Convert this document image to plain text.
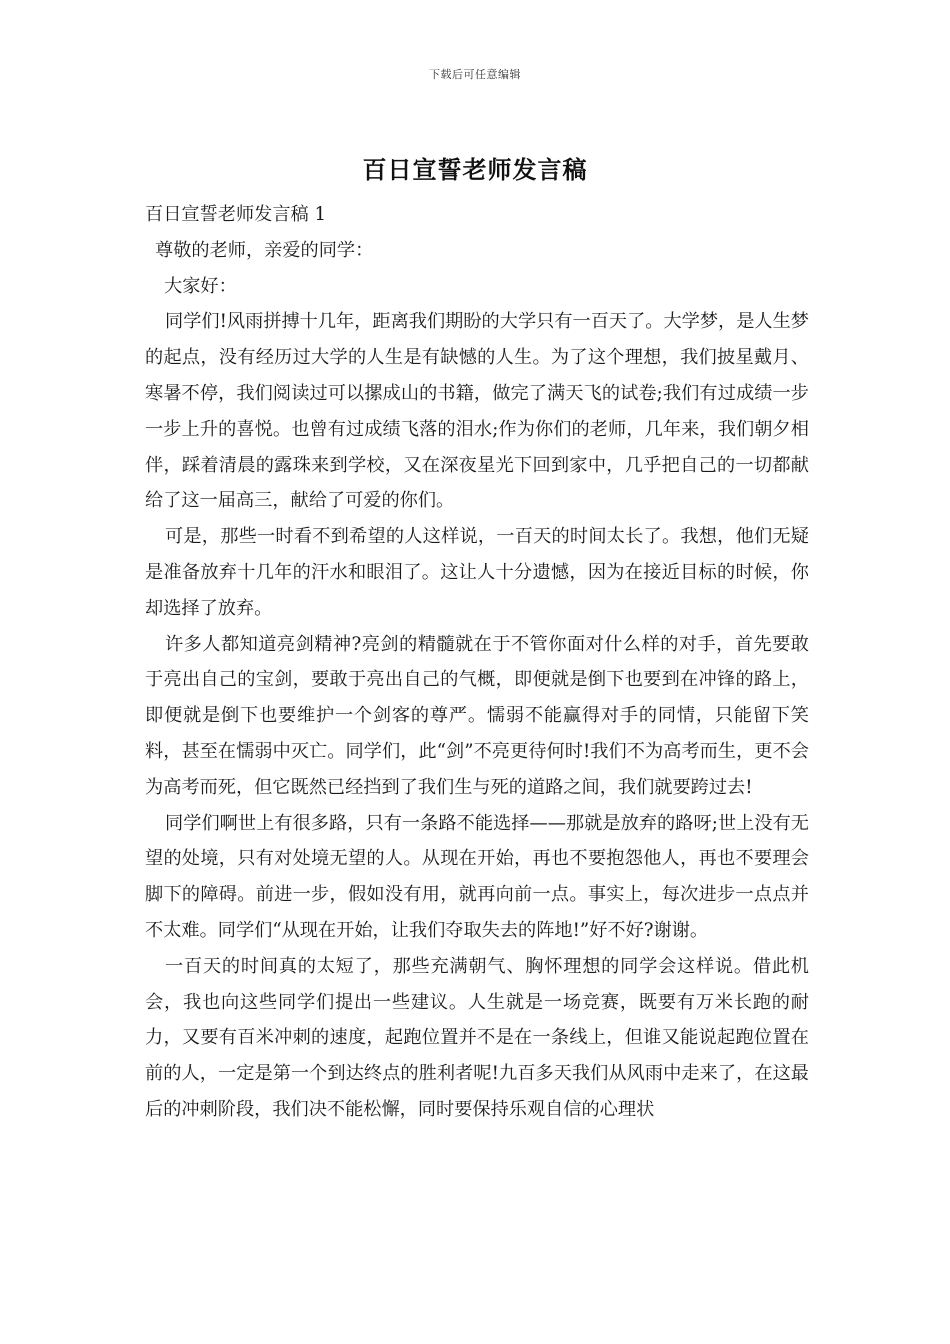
下载后可任意编辑
百日宣誓老师发言稿

百日宣誓老师发言稿 1

尊敬的老师，亲爱的同学：

大家好：

同学们!风雨拼搏十几年，距离我们期盼的大学只有一百天了。大学梦，是人生梦的起点，没有经历过大学的人生是有缺憾的人生。为了这个理想，我们披星戴月、寒暑不停，我们阅读过可以摞成山的书籍，做完了满天飞的试卷;我们有过成绩一步一步上升的喜悦。也曾有过成绩飞落的泪水;作为你们的老师，几年来，我们朝夕相伴，踩着清晨的露珠来到学校，又在深夜星光下回到家中，几乎把自己的一切都献给了这一届高三，献给了可爱的你们。

可是，那些一时看不到希望的人这样说，一百天的时间太长了。我想，他们无疑是准备放弃十几年的汗水和眼泪了。这让人十分遗憾，因为在接近目标的时候，你却选择了放弃。

许多人都知道亮剑精神?亮剑的精髓就在于不管你面对什么样的对手，首先要敢于亮出自己的宝剑，要敢于亮出自己的气概，即便就是倒下也要到在冲锋的路上，即便就是倒下也要维护一个剑客的尊严。懦弱不能赢得对手的同情，只能留下笑料，甚至在懦弱中灭亡。同学们，此“剑”不亮更待何时!我们不为高考而生，更不会为高考而死，但它既然已经挡到了我们生与死的道路之间，我们就要跨过去!

同学们啊世上有很多路，只有一条路不能选择——那就是放弃的路呀;世上没有无望的处境，只有对处境无望的人。从现在开始，再也不要抱怨他人，再也不要理会脚下的障碍。前进一步，假如没有用，就再向前一点。事实上，每次进步一点点并不太难。同学们“从现在开始，让我们夺取失去的阵地!”好不好?谢谢。

一百天的时间真的太短了，那些充满朝气、胸怀理想的同学会这样说。借此机会，我也向这些同学们提出一些建议。人生就是一场竞赛，既要有万米长跑的耐力，又要有百米冲刺的速度，起跑位置并不是在一条线上，但谁又能说起跑位置在前的人，一定是第一个到达终点的胜利者呢!九百多天我们从风雨中走来了，在这最后的冲刺阶段，我们决不能松懈，同时要保持乐观自信的心理状
